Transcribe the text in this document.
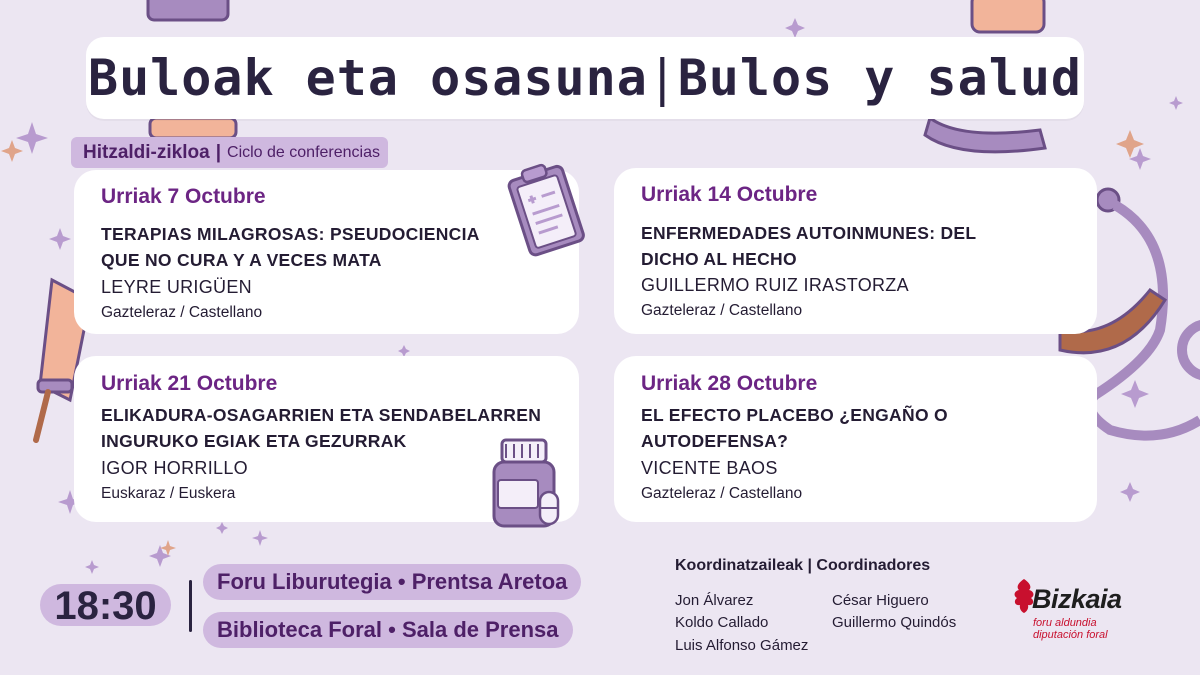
Buloak eta osasuna | Bulos y salud
Hitzaldi-zikloa | Ciclo de conferencias
Urriak 7 Octubre
TERAPIAS MILAGROSAS: PSEUDOCIENCIA
QUE NO CURA Y A VECES MATA
LEYRE URIGÜEN
Gazteleraz / Castellano
Urriak 14 Octubre
ENFERMEDADES AUTOINMUNES: DEL
DICHO AL HECHO
GUILLERMO RUIZ IRASTORZA
Gazteleraz / Castellano
Urriak 21 Octubre
ELIKADURA-OSAGARRIEN ETA SENDABELARREN
INGURUKO EGIAK ETA GEZURRAK
IGOR HORRILLO
Euskaraz / Euskera
Urriak 28 Octubre
EL EFECTO PLACEBO ¿ENGAÑO O
AUTODEFENSA?
VICENTE BAOS
Gazteleraz / Castellano
18:30
Foru Liburutegia • Prentsa Aretoa
Biblioteca Foral • Sala de Prensa
Koordinatzaileak | Coordinadores
Jon Álvarez	César Higuero
Koldo Callado	Guillermo Quindós
Luis Alfonso Gámez
Bizkaia
foru aldundia
diputación foral
